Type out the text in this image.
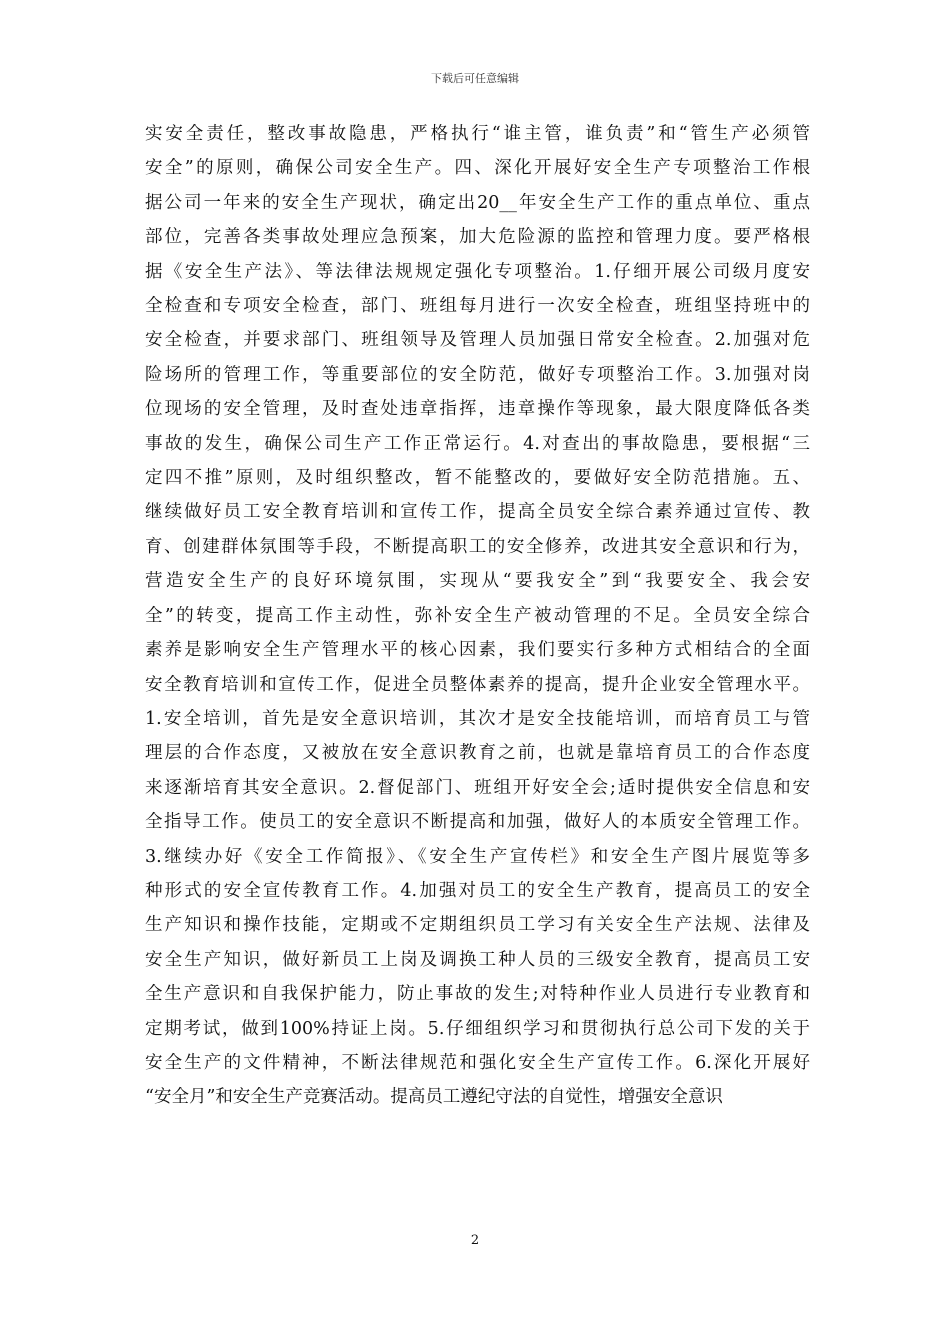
下载后可任意编辑
实安全责任，整改事故隐患，严格执行“谁主管，谁负责”和“管生产必须管
安全”的原则，确保公司安全生产。四、深化开展好安全生产专项整治工作根
据公司一年来的安全生产现状，确定出20__年安全生产工作的重点单位、重点
部位，完善各类事故处理应急预案，加大危险源的监控和管理力度。要严格根
据《安全生产法》、等法律法规规定强化专项整治。1.仔细开展公司级月度安
全检查和专项安全检查，部门、班组每月进行一次安全检查，班组坚持班中的
安全检查，并要求部门、班组领导及管理人员加强日常安全检查。2.加强对危
险场所的管理工作，等重要部位的安全防范，做好专项整治工作。3.加强对岗
位现场的安全管理，及时查处违章指挥，违章操作等现象，最大限度降低各类
事故的发生，确保公司生产工作正常运行。4.对查出的事故隐患，要根据“三
定四不推”原则，及时组织整改，暂不能整改的，要做好安全防范措施。五、
继续做好员工安全教育培训和宣传工作，提高全员安全综合素养通过宣传、教
育、创建群体氛围等手段，不断提高职工的安全修养，改进其安全意识和行为，
营造安全生产的良好环境氛围，实现从“要我安全”到“我要安全、我会安
全”的转变，提高工作主动性，弥补安全生产被动管理的不足。全员安全综合
素养是影响安全生产管理水平的核心因素，我们要实行多种方式相结合的全面
安全教育培训和宣传工作，促进全员整体素养的提高，提升企业安全管理水平。
1.安全培训，首先是安全意识培训，其次才是安全技能培训，而培育员工与管
理层的合作态度，又被放在安全意识教育之前，也就是靠培育员工的合作态度
来逐渐培育其安全意识。2.督促部门、班组开好安全会;适时提供安全信息和安
全指导工作。使员工的安全意识不断提高和加强，做好人的本质安全管理工作。
3.继续办好《安全工作简报》、《安全生产宣传栏》和安全生产图片展览等多
种形式的安全宣传教育工作。4.加强对员工的安全生产教育，提高员工的安全
生产知识和操作技能，定期或不定期组织员工学习有关安全生产法规、法律及
安全生产知识，做好新员工上岗及调换工种人员的三级安全教育，提高员工安
全生产意识和自我保护能力，防止事故的发生;对特种作业人员进行专业教育和
定期考试，做到100%持证上岗。5.仔细组织学习和贯彻执行总公司下发的关于
安全生产的文件精神，不断法律规范和强化安全生产宣传工作。6.深化开展好
“安全月”和安全生产竞赛活动。提高员工遵纪守法的自觉性，增强安全意识
2
